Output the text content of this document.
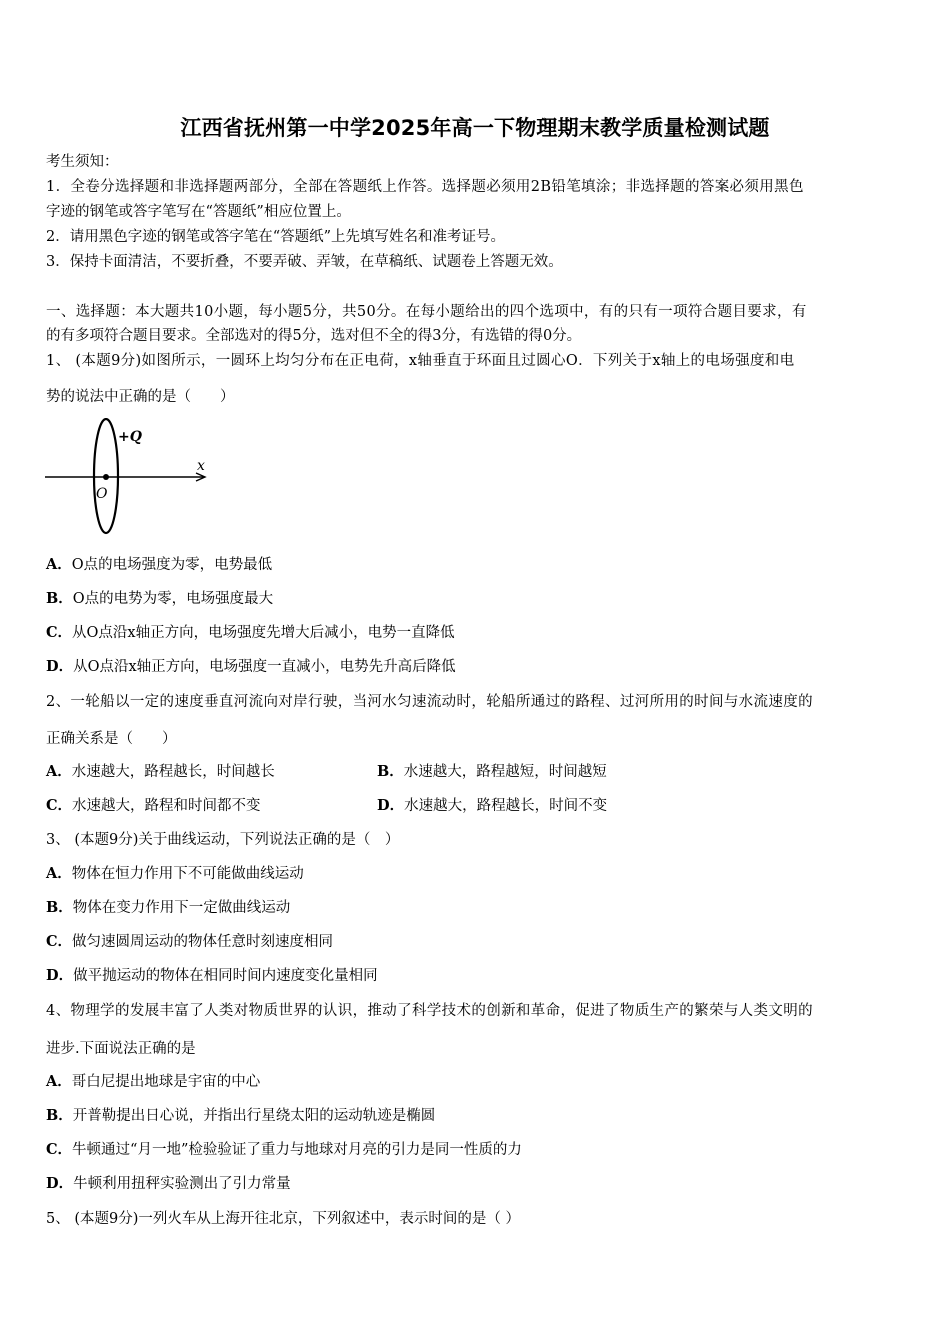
江西省抚州第一中学2025年高一下物理期末教学质量检测试题
考生须知：
1．全卷分选择题和非选择题两部分，全部在答题纸上作答。选择题必须用2B铅笔填涂；非选择题的答案必须用黑色
字迹的钢笔或答字笔写在“答题纸”相应位置上。
2．请用黑色字迹的钢笔或答字笔在“答题纸”上先填写姓名和准考证号。
3．保持卡面清洁，不要折叠，不要弄破、弄皱，在草稿纸、试题卷上答题无效。
一、选择题：本大题共10小题，每小题5分，共50分。在每小题给出的四个选项中，有的只有一项符合题目要求，有
的有多项符合题目要求。全部选对的得5分，选对但不全的得3分，有选错的得0分。
1、 (本题9分)如图所示，一圆环上均匀分布在正电荷，x轴垂直于环面且过圆心O．下列关于x轴上的电场强度和电
势的说法中正确的是（　　）
+Q
x
O
A．O点的电场强度为零，电势最低
B．O点的电势为零，电场强度最大
C．从O点沿x轴正方向，电场强度先增大后减小，电势一直降低
D．从O点沿x轴正方向，电场强度一直减小，电势先升高后降低
2、一轮船以一定的速度垂直河流向对岸行驶，当河水匀速流动时，轮船所通过的路程、过河所用的时间与水流速度的
正确关系是（　　）
A．水速越大，路程越长，时间越长	B．水速越大，路程越短，时间越短
C．水速越大，路程和时间都不变	D．水速越大，路程越长，时间不变
3、 (本题9分)关于曲线运动，下列说法正确的是（　）
A．物体在恒力作用下不可能做曲线运动
B．物体在变力作用下一定做曲线运动
C．做匀速圆周运动的物体任意时刻速度相同
D．做平抛运动的物体在相同时间内速度变化量相同
4、物理学的发展丰富了人类对物质世界的认识，推动了科学技术的创新和革命，促进了物质生产的繁荣与人类文明的
进步.下面说法正确的是
A．哥白尼提出地球是宇宙的中心
B．开普勒提出日心说，并指出行星绕太阳的运动轨迹是椭圆
C．牛顿通过“月一地”检验验证了重力与地球对月亮的引力是同一性质的力
D．牛顿利用扭秤实验测出了引力常量
5、 (本题9分)一列火车从上海开往北京，下列叙述中，表示时间的是（ ）
